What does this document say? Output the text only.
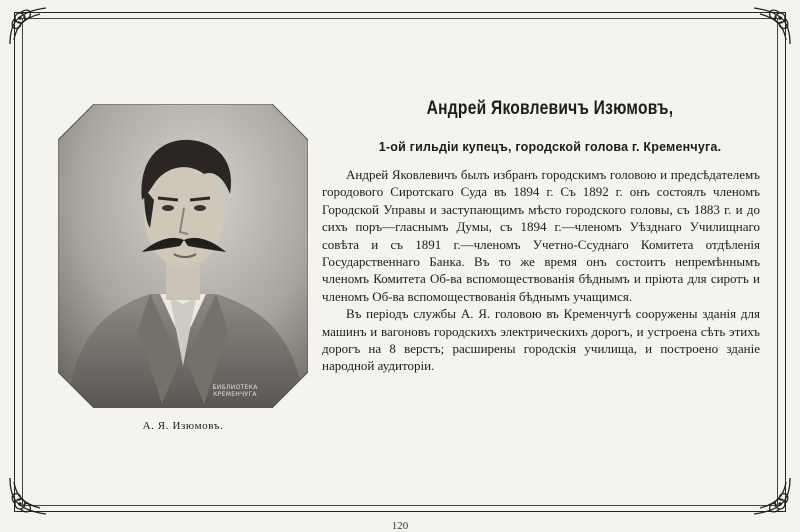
БИБЛИОТЕКА КРЕМЕНЧУГА
А. Я. Изюмовъ.
Андрей Яковлевичъ Изюмовъ,
1-ой гильдіи купецъ, городской голова г. Кременчуга.

Андрей Яковлевичъ былъ избранъ городскимъ головою и предсѣдателемъ городового Сиротскаго Суда въ 1894 г. Съ 1892 г. онъ состоялъ членомъ Городской Управы и заступающимъ мѣсто городского головы, съ 1883 г. и до сихъ поръ—гласнымъ Думы, съ 1894 г.—членомъ Уѣзднаго Училищнаго совѣта и съ 1891 г.—членомъ Учетно-Ссуднаго Комитета отдѣленія Государственнаго Банка. Въ то же время онъ состоитъ непремѣннымъ членомъ Комитета Об-ва вспомоществованія бѣднымъ и пріюта для сиротъ и членомъ Об-ва вспомоществованія бѣднымъ учащимся.

Въ періодъ службы А. Я. головою въ Кременчугѣ сооружены зданія для машинъ и вагоновъ городскихъ электрическихъ дорогъ, и устроена сѣть этихъ дорогъ на 8 верстъ; расширены городскія училища, и построено зданіе народной аудиторіи.

120
